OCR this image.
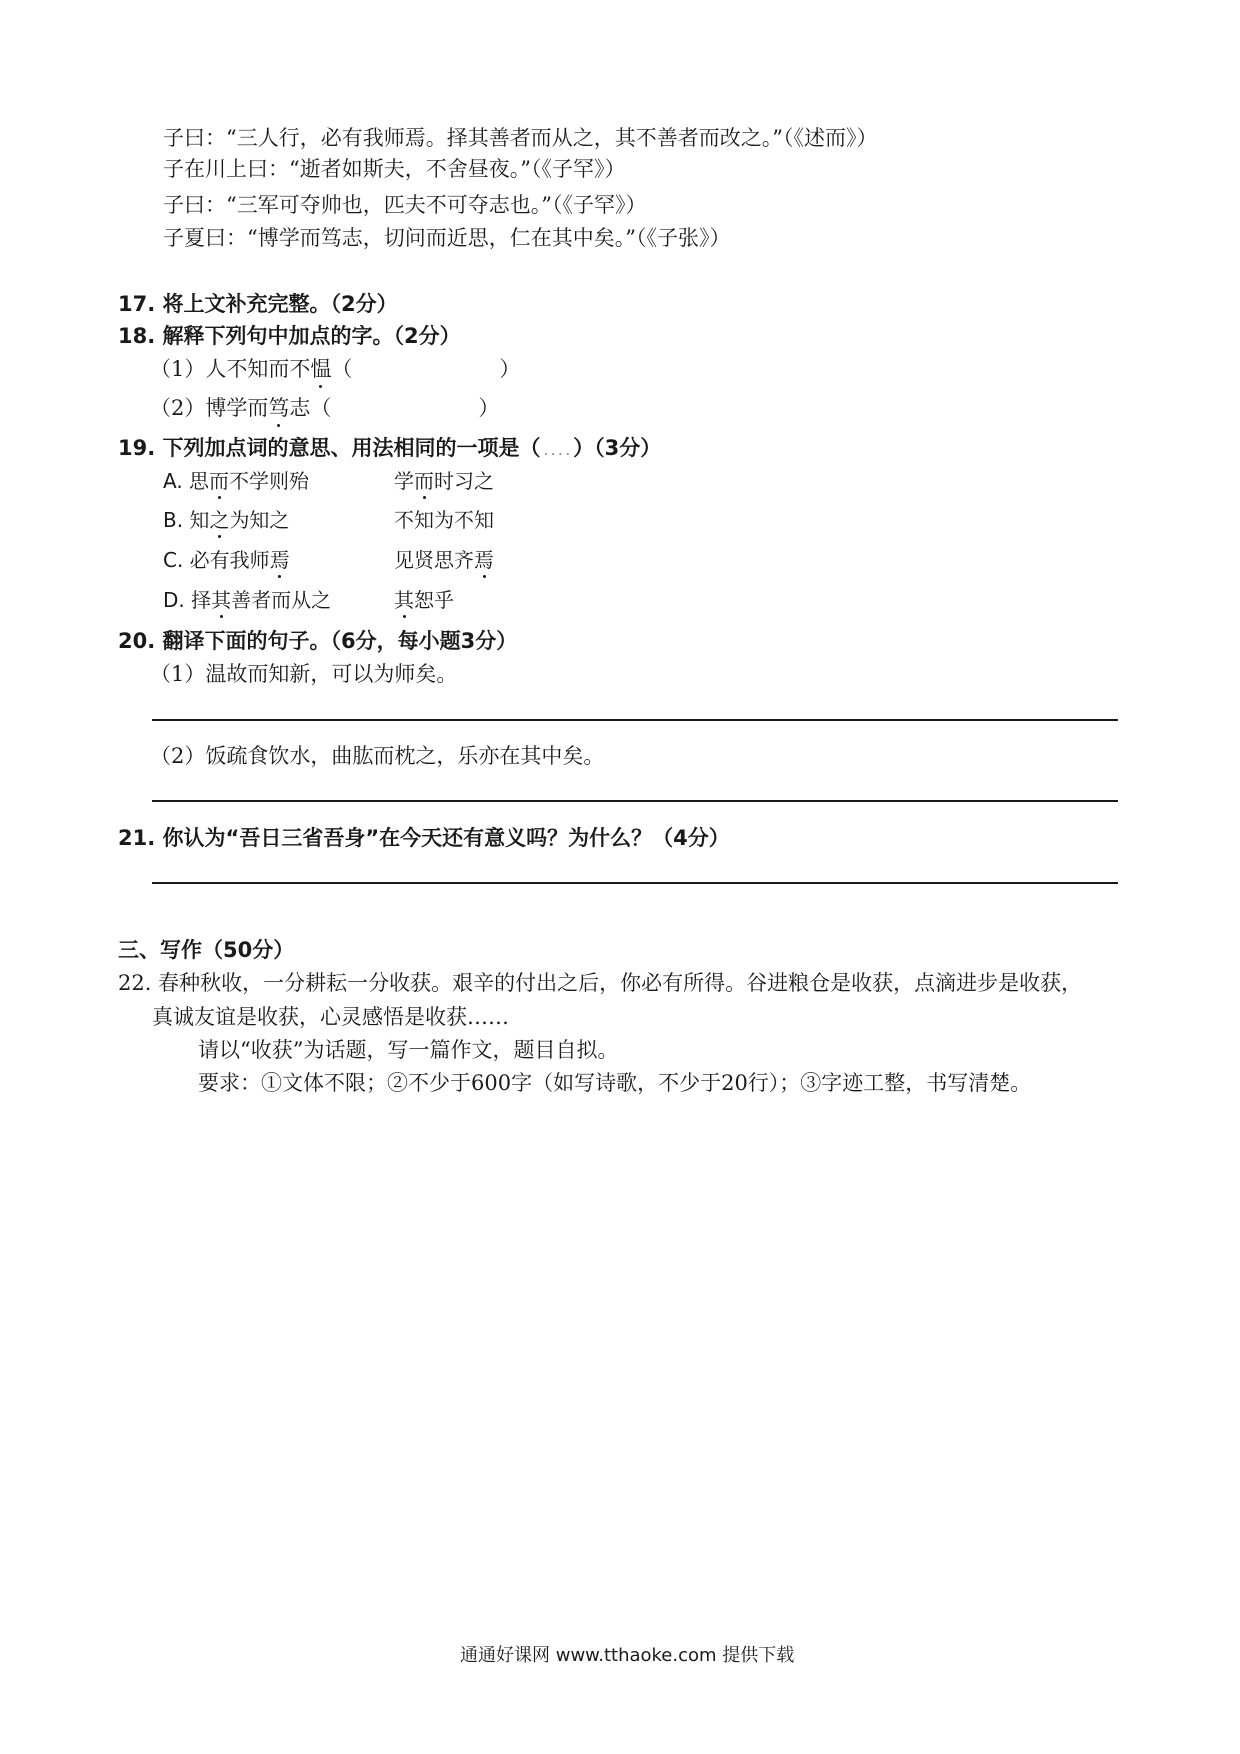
子曰：“三人行，必有我师焉。择其善者而从之，其不善者而改之。”（《述而》）
子在川上曰：“逝者如斯夫，不舍昼夜。”（《子罕》）
子曰：“三军可夺帅也，匹夫不可夺志也。”（《子罕》）
子夏曰：“博学而笃志，切问而近思，仁在其中矣。”（《子张》）
17. 将上文补充完整。（2分）
18. 解释下列句中加点的字。（2分）
（1）人不知而不愠（　　　　　　　）
（2）博学而笃志（　　　　　　　）
19. 下列加点词的意思、用法相同的一项是（ . . . . ）（3分）
A. 思而不学则殆	学而时习之
B. 知之为知之	不知为不知
C. 必有我师焉	见贤思齐焉
D. 择其善者而从之	其恕乎
20. 翻译下面的句子。（6分，每小题3分）
（1）温故而知新，可以为师矣。
（2）饭疏食饮水，曲肱而枕之，乐亦在其中矣。
21. 你认为“吾日三省吾身”在今天还有意义吗？为什么？（4分）
三、写作（50分）
22. 春种秋收，一分耕耘一分收获。艰辛的付出之后，你必有所得。谷进粮仓是收获，点滴进步是收获，
真诚友谊是收获，心灵感悟是收获……
请以“收获”为话题，写一篇作文，题目自拟。
要求：①文体不限；②不少于600字（如写诗歌，不少于20行）；③字迹工整，书写清楚。
通通好课网 www.tthaoke.com 提供下载
